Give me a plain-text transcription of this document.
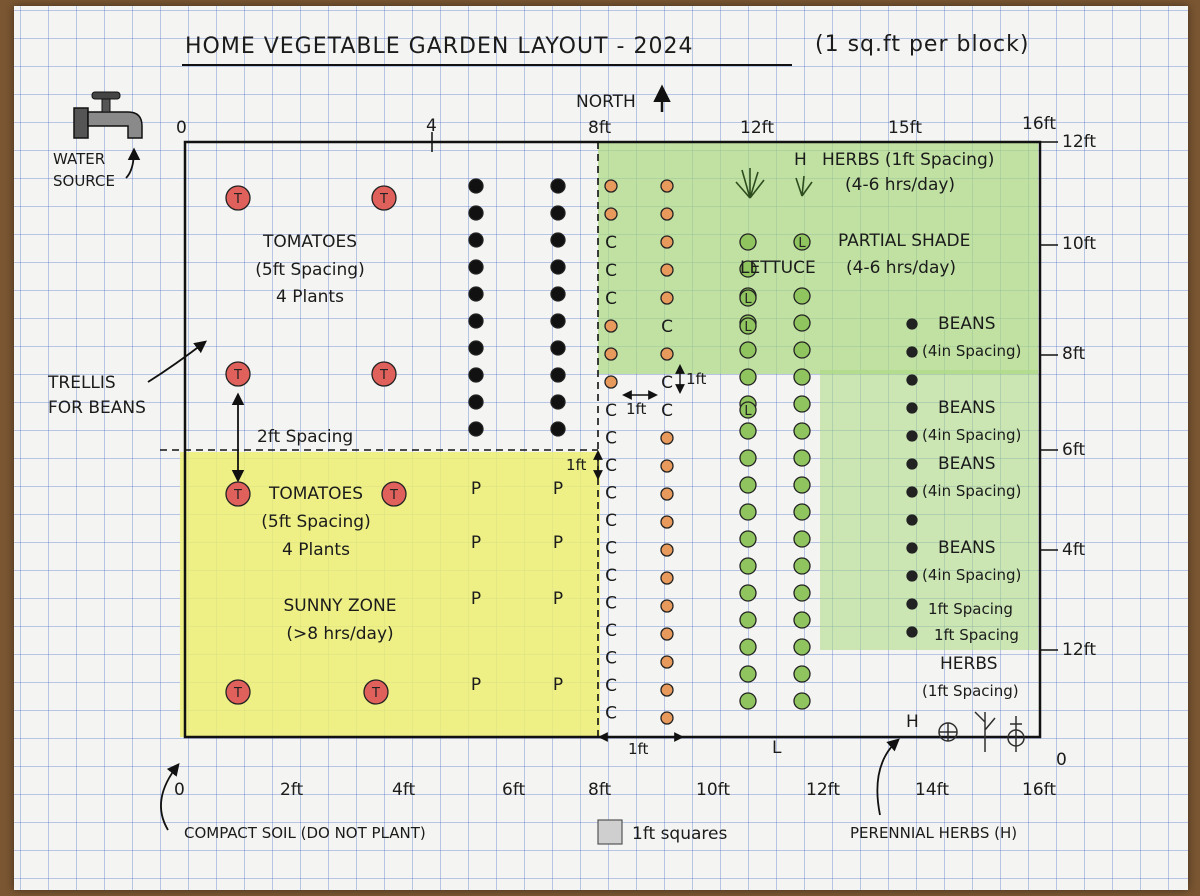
T	T
T	T
T	T
T	T
P	P
P	P
P	P
P	P
C
C
C
C
C
C
C
C
C
C
C
C
C
C
C
C
C
C
L
L
L
L
HOME VEGETABLE GARDEN LAYOUT - 2024	(1 sq.ft per block)
NORTH
WATER
SOURCE
0	4	8ft	12ft	15ft	16ft
12ft
10ft
8ft
6ft
4ft
12ft
0
0	2ft	4ft	6ft	8ft	10ft	12ft	14ft	16ft
TOMATOES
(5ft Spacing)
4 Plants
TRELLIS
FOR BEANS
2ft Spacing
TOMATOES
(5ft Spacing)
4 Plants
SUNNY ZONE
(>8 hrs/day)
HERBS (1ft Spacing)
(4-6 hrs/day)
H
PARTIAL SHADE
(4-6 hrs/day)
LETTUCE
BEANS
(4in Spacing)
BEANS
(4in Spacing)
BEANS
(4in Spacing)
BEANS
(4in Spacing)
1ft Spacing
1ft Spacing
HERBS
(1ft Spacing)
H
L
1ft
1ft
1ft
1ft
COMPACT SOIL (DO NOT PLANT)	1ft squares	PERENNIAL HERBS (H)
